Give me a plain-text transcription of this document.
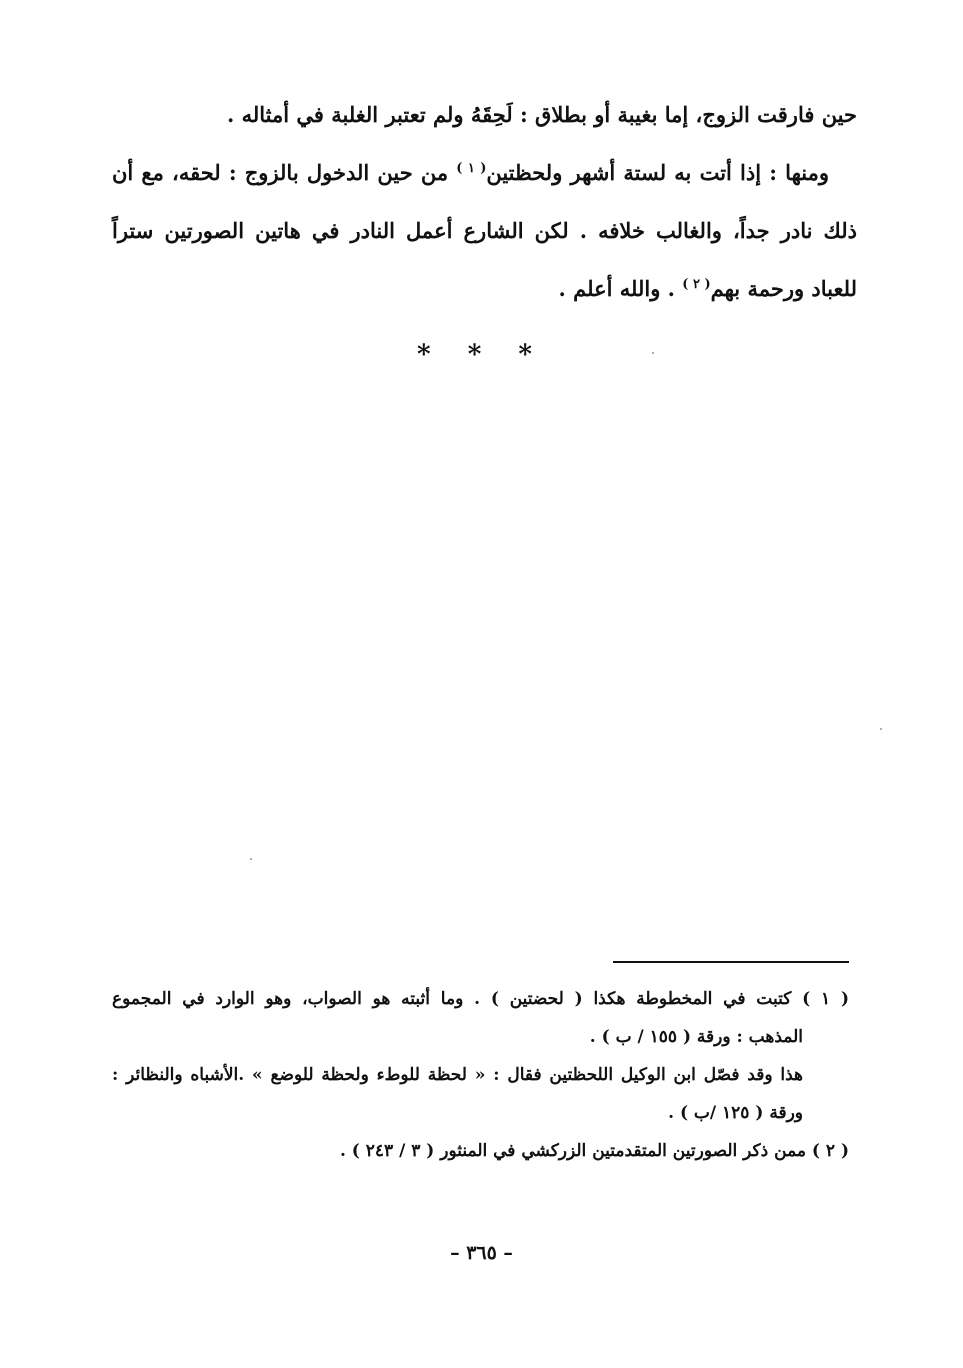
حين فارقت الزوج، إما بغيبة أو بطلاق : لَحِقَهُ ولم تعتبر الغلبة في أمثاله .
ومنها : إذا أتت به لستة أشهر ولحظتين$^{( ١ )}$ من حين الدخول بالزوج : لحقه، مع أن
ذلك نادر جداً، والغالب خلافه . لكن الشارع أعمل النادر في هاتين الصورتين ستراً
للعباد ورحمة بهم$^{( ٢ )}$ . والله أعلم .
* * *
( ١ ) كتبت في المخطوطة هكذا ( لحضتين ) . وما أثبته هو الصواب، وهو الوارد في المجموع
المذهب : ورقة ( ١٥٥ / ب ) .
هذا وقد فصّل ابن الوكيل اللحظتين فقال : « لحظة للوطء ولحظة للوضع » .الأشباه والنظائر :
ورقة ( ١٢٥ /ب ) .
( ٢ ) ممن ذكر الصورتين المتقدمتين الزركشي في المنثور ( ٣ / ٢٤٣ ) .
– ٣٦٥ –
